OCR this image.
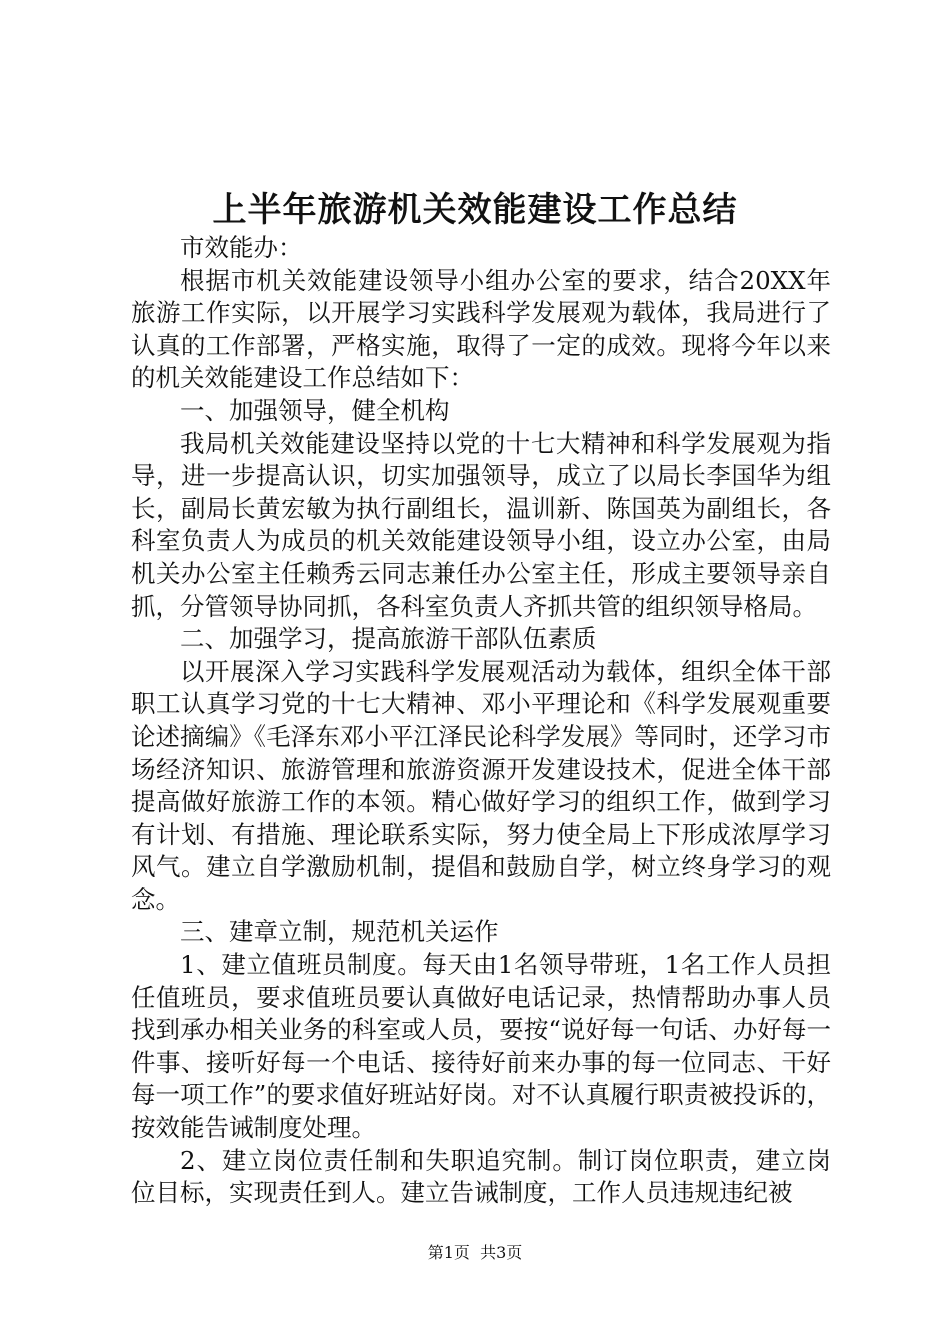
上半年旅游机关效能建设工作总结

市效能办：

根据市机关效能建设领导小组办公室的要求，结合20XX年旅游工作实际，以开展学习实践科学发展观为载体，我局进行了认真的工作部署，严格实施，取得了一定的成效。现将今年以来的机关效能建设工作总结如下：

一、加强领导，健全机构

我局机关效能建设坚持以党的十七大精神和科学发展观为指导，进一步提高认识，切实加强领导，成立了以局长李国华为组长，副局长黄宏敏为执行副组长，温训新、陈国英为副组长，各科室负责人为成员的机关效能建设领导小组，设立办公室，由局机关办公室主任赖秀云同志兼任办公室主任，形成主要领导亲自抓，分管领导协同抓，各科室负责人齐抓共管的组织领导格局。

二、加强学习，提高旅游干部队伍素质

以开展深入学习实践科学发展观活动为载体，组织全体干部职工认真学习党的十七大精神、邓小平理论和《科学发展观重要论述摘编》《毛泽东邓小平江泽民论科学发展》等同时，还学习市场经济知识、旅游管理和旅游资源开发建设技术，促进全体干部提高做好旅游工作的本领。精心做好学习的组织工作，做到学习有计划、有措施、理论联系实际，努力使全局上下形成浓厚学习风气。建立自学激励机制，提倡和鼓励自学，树立终身学习的观念。

三、建章立制，规范机关运作

1、建立值班员制度。每天由1名领导带班，1名工作人员担任值班员，要求值班员要认真做好电话记录，热情帮助办事人员找到承办相关业务的科室或人员，要按“说好每一句话、办好每一件事、接听好每一个电话、接待好前来办事的每一位同志、干好每一项工作”的要求值好班站好岗。对不认真履行职责被投诉的，按效能告诫制度处理。

2、建立岗位责任制和失职追究制。制订岗位职责，建立岗位目标，实现责任到人。建立告诫制度，工作人员违规违纪被

第1页 共3页
